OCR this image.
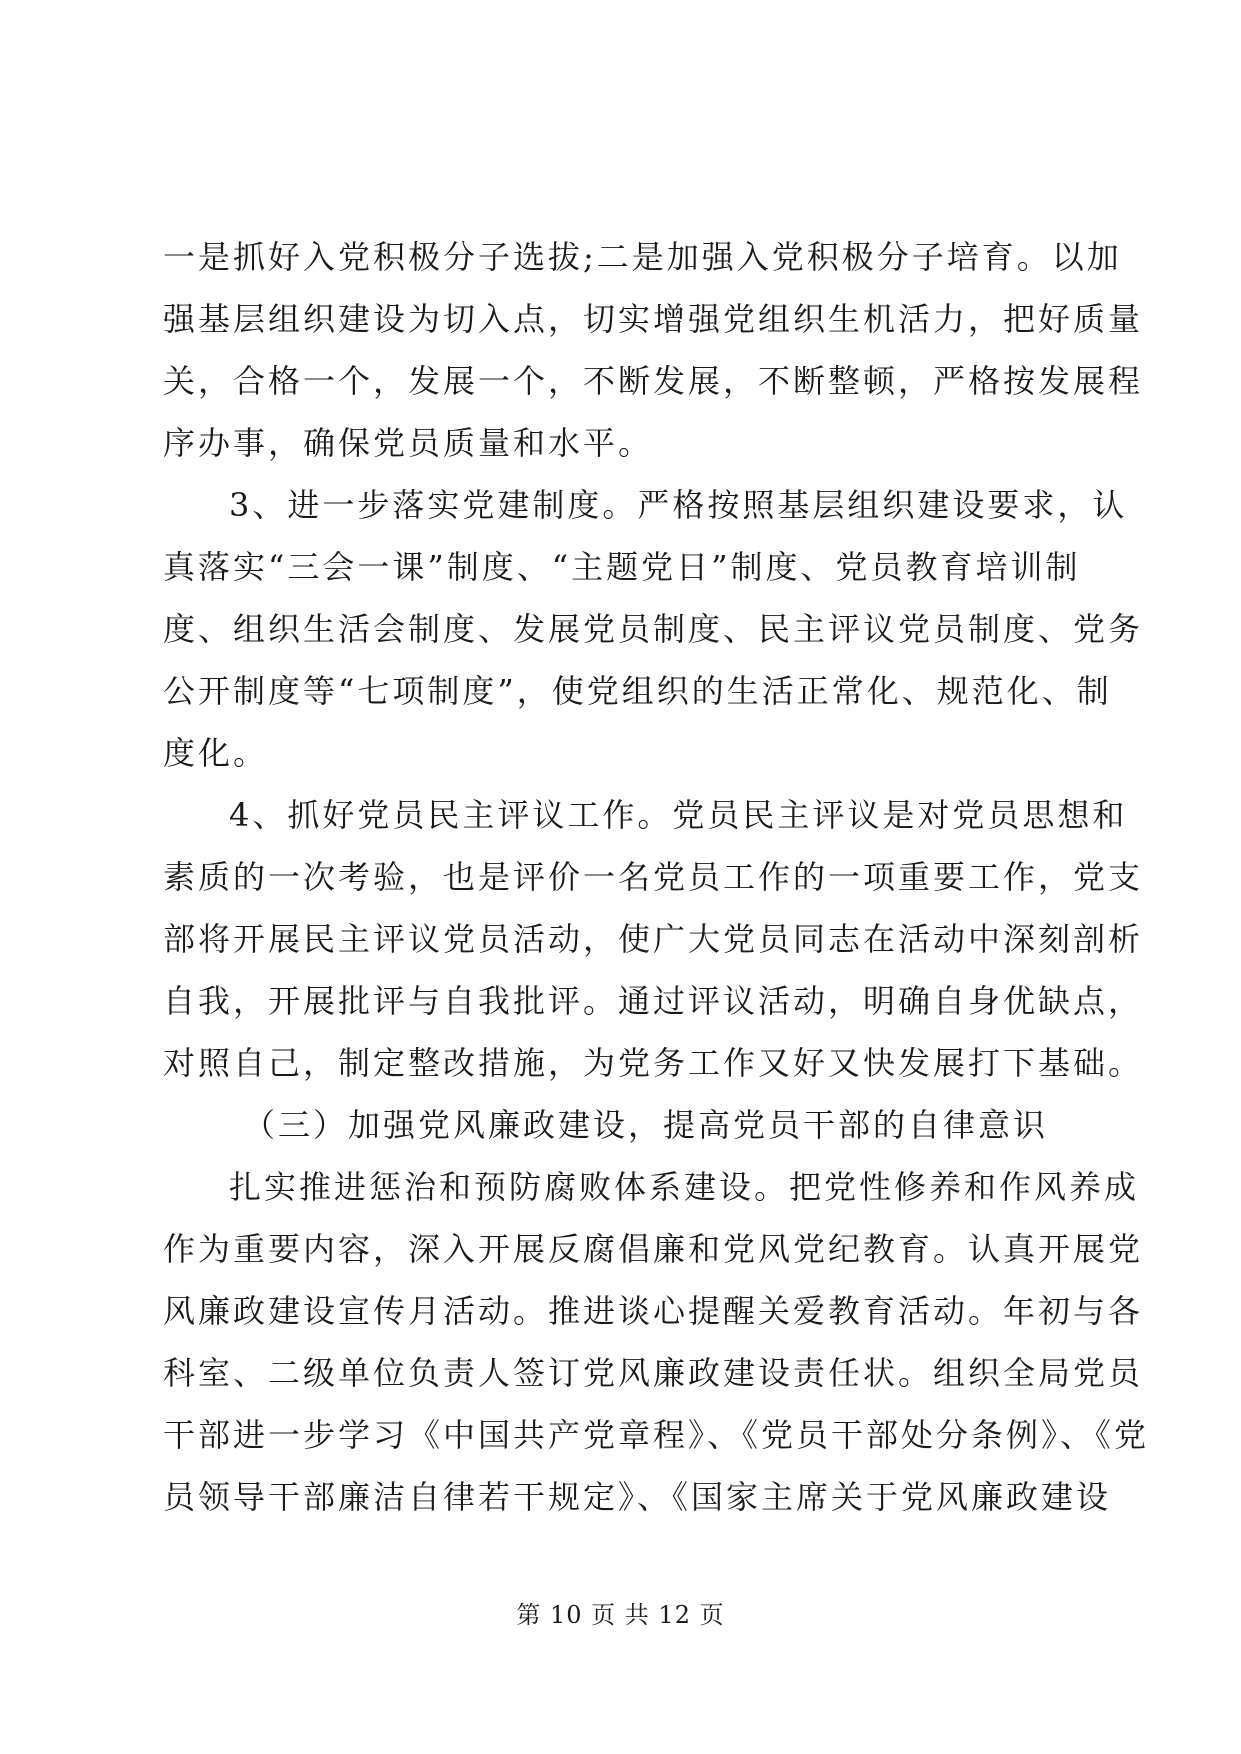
一是抓好入党积极分子选拔;二是加强入党积极分子培育。以加
强基层组织建设为切入点，切实增强党组织生机活力，把好质量
关，合格一个，发展一个，不断发展，不断整顿，严格按发展程
序办事，确保党员质量和水平。
3、进一步落实党建制度。严格按照基层组织建设要求，认
真落实“三会一课”制度、“主题党日”制度、党员教育培训制
度、组织生活会制度、发展党员制度、民主评议党员制度、党务
公开制度等“七项制度”，使党组织的生活正常化、规范化、制
度化。
4、抓好党员民主评议工作。党员民主评议是对党员思想和
素质的一次考验，也是评价一名党员工作的一项重要工作，党支
部将开展民主评议党员活动，使广大党员同志在活动中深刻剖析
自我，开展批评与自我批评。通过评议活动，明确自身优缺点，
对照自己，制定整改措施，为党务工作又好又快发展打下基础。
（三）加强党风廉政建设，提高党员干部的自律意识
扎实推进惩治和预防腐败体系建设。把党性修养和作风养成
作为重要内容，深入开展反腐倡廉和党风党纪教育。认真开展党
风廉政建设宣传月活动。推进谈心提醒关爱教育活动。年初与各
科室、二级单位负责人签订党风廉政建设责任状。组织全局党员
干部进一步学习《中国共产党章程》、《党员干部处分条例》、《党
员领导干部廉洁自律若干规定》、《国家主席关于党风廉政建设
第 10 页 共 12 页
